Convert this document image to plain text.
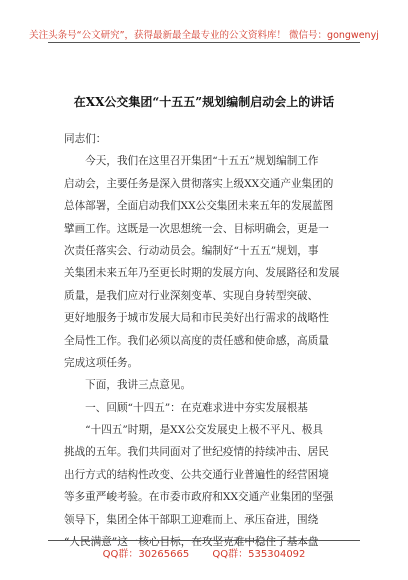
关注头条号“公文研究”，获得最新最全最专业的公文资料库！ 微信号：gongwenyj
在XX公交集团“十五五”规划编制启动会上的讲话
同志们：
　　今天，我们在这里召开集团“十五五”规划编制工作
启动会，主要任务是深入贯彻落实上级XX交通产业集团的
总体部署，全面启动我们XX公交集团未来五年的发展蓝图
擘画工作。这既是一次思想统一会、目标明确会，更是一
次责任落实会、行动动员会。编制好“十五五”规划，事
关集团未来五年乃至更长时期的发展方向、发展路径和发展
质量，是我们应对行业深刻变革、实现自身转型突破、
更好地服务于城市发展大局和市民美好出行需求的战略性
全局性工作。我们必须以高度的责任感和使命感，高质量
完成这项任务。
　　下面，我讲三点意见。
　　一、回顾“十四五”：在克难求进中夯实发展根基
　　“十四五”时期，是XX公交发展史上极不平凡、极具
挑战的五年。我们共同面对了世纪疫情的持续冲击、居民
出行方式的结构性改变、公共交通行业普遍性的经营困境
等多重严峻考验。在市委市政府和XX交通产业集团的坚强
领导下，集团全体干部职工迎难而上、承压奋进，围绕
“人民满意”这一核心目标，在攻坚克难中稳住了基本盘
QQ群：30265665 QQ群：535304092
